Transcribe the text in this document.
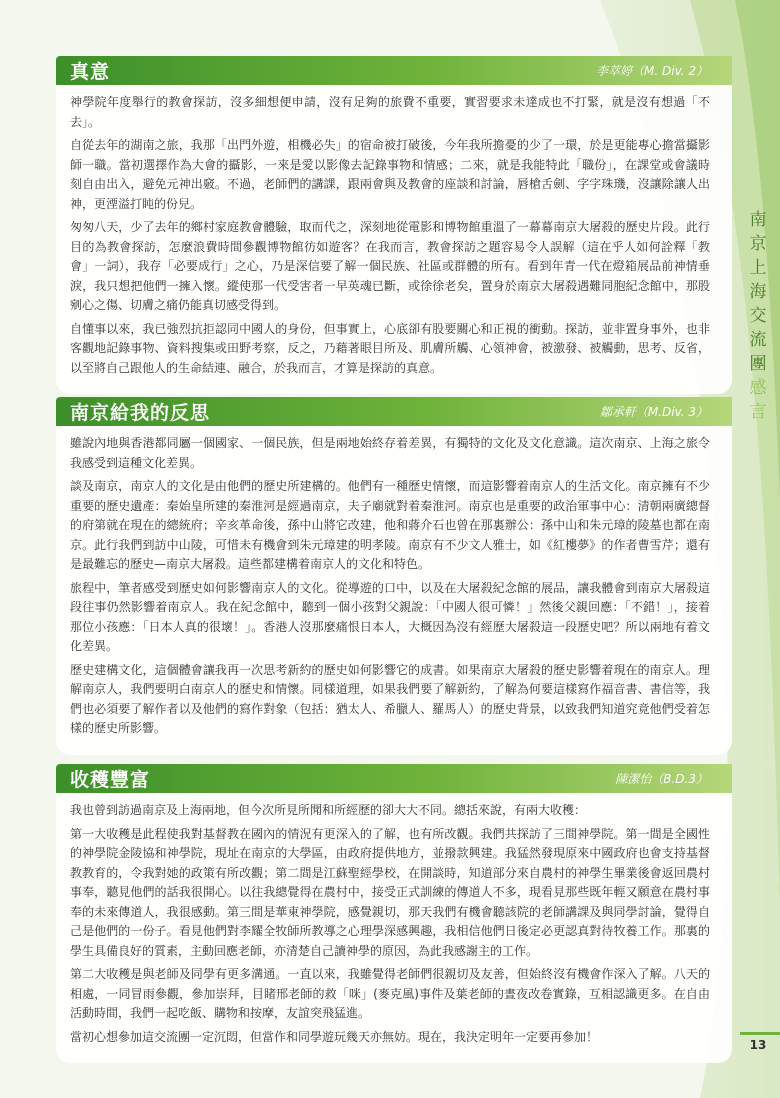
真意	李萃婷（M. Div. 2）

神學院年度舉行的教會探訪，沒多細想便申請，沒有足夠的旅費不重要，實習要求未達成也不打緊，就是沒有想過「不去」。

自從去年的湖南之旅，我那「出門外遊，相機必失」的宿命被打破後，今年我所擔憂的少了一環，於是更能專心擔當攝影師一職。當初選擇作為大會的攝影，一來是愛以影像去記錄事物和情感；二來，就是我能特此「職份」，在課堂或會議時刻自由出入，避免元神出竅。不過，老師們的講課，跟兩會與及教會的座談和討論，唇槍舌劍、字字珠璣，沒讓除讓人出神，更湮溢打盹的份兒。

匆匆八天，少了去年的鄉村家庭教會體驗，取而代之，深刻地從電影和博物館重溫了一幕幕南京大屠殺的歷史片段。此行目的為教會探訪，怎麼浪費時間參觀博物館彷如遊客？在我而言，教會探訪之題容易令人誤解（這在乎人如何詮釋「教會」一詞），我存「必要成行」之心，乃是深信要了解一個民族、社區或群體的所有。看到年青一代在燈箱展品前神情垂淚，我只想把他們一擁入懷。縱使那一代受害者一早英魂已斷，或徐徐老矣，置身於南京大屠殺遇難同胞紀念館中，那股剜心之傷、切膚之痛仍能真切感受得到。

自懂事以來，我已強烈抗拒認同中國人的身份，但事實上，心底卻有股要關心和正視的衝動。探訪，並非置身事外，也非客觀地記錄事物、資料搜集或田野考察，反之，乃藉著眼目所及、肌膚所觸、心領神會，被激發、被觸動，思考、反省，以至將自己跟他人的生命結連、融合，於我而言，才算是探訪的真意。

南京給我的反思	鄒承軒（M.Div. 3）

雖說內地與香港都同屬一個國家、一個民族，但是兩地始終存着差異，有獨特的文化及文化意識。這次南京、上海之旅令我感受到這種文化差異。

談及南京，南京人的文化是由他們的歷史所建構的。他們有一種歷史情懷，而這影響着南京人的生活文化。南京擁有不少重要的歷史遺產：秦始皇所建的秦淮河是經過南京，夫子廟就對着秦淮河。南京也是重要的政治軍事中心：清朝兩廣總督的府第就在現在的總統府；辛亥革命後，孫中山將它改建，他和蔣介石也曾在那裏辦公：孫中山和朱元璋的陵墓也都在南京。此行我們到訪中山陵，可惜未有機會到朱元璋建的明孝陵。南京有不少文人雅士，如《紅樓夢》的作者曹雪芹；還有是最難忘的歷史—南京大屠殺。這些都建構着南京人的文化和特色。

旅程中，筆者感受到歷史如何影響南京人的文化。從導遊的口中，以及在大屠殺紀念館的展品，讓我體會到南京大屠殺這段往事仍然影響着南京人。我在紀念館中，聽到一個小孩對父親說：「中國人很可憐！」然後父親回應：「不錯！」，接着那位小孩應：「日本人真的很壞！」。香港人沒那麼痛恨日本人，大概因為沒有經歷大屠殺這一段歷史吧？所以兩地有着文化差異。

歷史建構文化，這個體會讓我再一次思考新約的歷史如何影響它的成書。如果南京大屠殺的歷史影響着現在的南京人。理解南京人，我們要明白南京人的歷史和情懷。同樣道理，如果我們要了解新約，了解為何要這樣寫作福音書、書信等，我們也必須要了解作者以及他們的寫作對象（包括：猶太人、希臘人、羅馬人）的歷史背景，以致我們知道究竟他們受着怎樣的歷史所影響。

收穫豐富	陳潔怡（B.D.3）

我也曾到訪過南京及上海兩地，但今次所見所聞和所經歷的卻大大不同。總括來說，有兩大收穫：

第一大收穫是此程使我對基督教在國內的情況有更深入的了解，也有所改觀。我們共探訪了三間神學院。第一間是全國性的神學院金陵協和神學院，現址在南京的大學區，由政府提供地方，並撥款興建。我猛然發現原來中國政府也會支持基督教教育的，令我對她的政策有所改觀；第二間是江蘇聖經學校，在開談時，知道部分來自農村的神學生畢業後會返回農村事奉，聽見他們的話我很開心。以往我總覺得在農村中，接受正式訓練的傳道人不多，現看見那些既年輕又願意在農村事奉的未來傳道人，我很感動。第三間是華東神學院，感覺親切，那天我們有機會聽該院的老師講課及與同學討論，覺得自己是他們的一份子。看見他們對李耀全牧師所教導之心理學深感興趣，我相信他們日後定必更認真對待牧養工作。那裏的學生具備良好的質素，主動回應老師，亦清楚自己讀神學的原因，為此我感謝主的工作。

第二大收穫是與老師及同學有更多溝通。一直以來，我雖覺得老師們很親切及友善，但始終沒有機會作深入了解。八天的相處，一同冒雨參觀，參加崇拜，目睹邢老師的救「咪」(麥克風)事件及葉老師的晝夜改卷實錄，互相認識更多。在自由活動時間，我們一起吃飯、購物和按摩，友誼突飛猛進。

當初心想參加這交流團一定沉悶，但當作和同學遊玩幾天亦無妨。現在，我決定明年一定要再參加！

南
京
上
海
交
流
團
感
言
13
